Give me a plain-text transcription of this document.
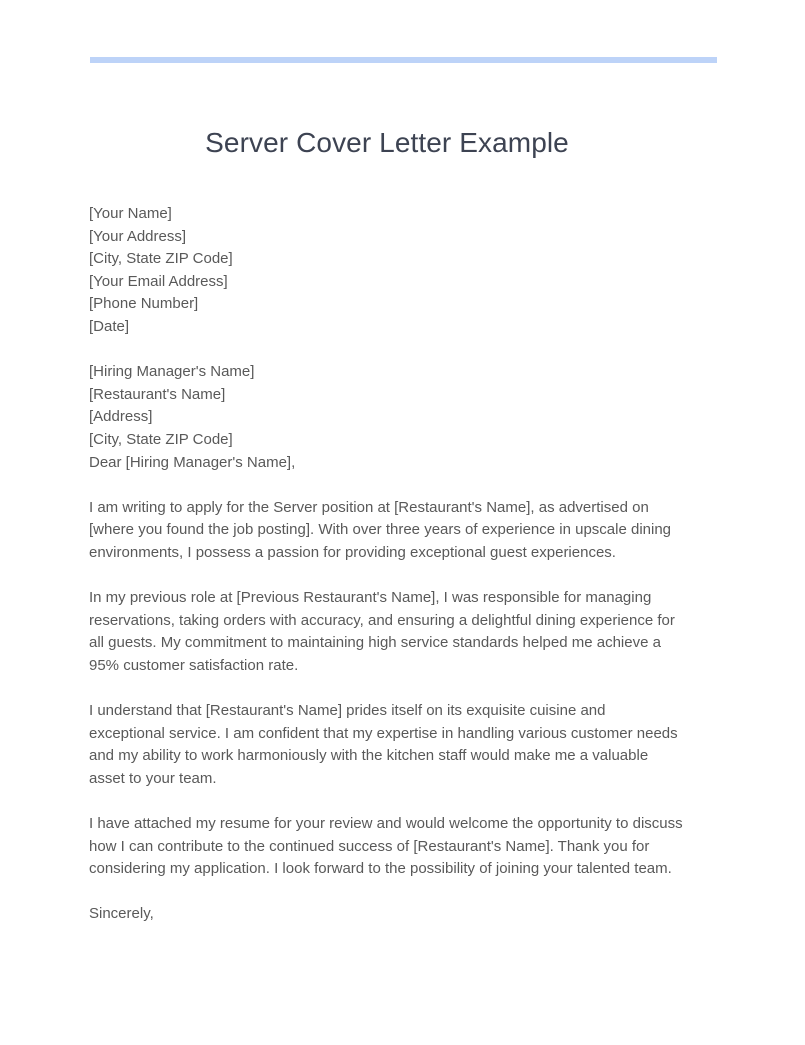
Server Cover Letter Example
[Your Name]
[Your Address]
[City, State ZIP Code]
[Your Email Address]
[Phone Number]
[Date]
[Hiring Manager's Name]
[Restaurant's Name]
[Address]
[City, State ZIP Code]
Dear [Hiring Manager's Name],

I am writing to apply for the Server position at [Restaurant's Name], as advertised on [where you found the job posting]. With over three years of experience in upscale dining environments, I possess a passion for providing exceptional guest experiences.

In my previous role at [Previous Restaurant's Name], I was responsible for managing reservations, taking orders with accuracy, and ensuring a delightful dining experience for all guests. My commitment to maintaining high service standards helped me achieve a 95% customer satisfaction rate.

I understand that [Restaurant's Name] prides itself on its exquisite cuisine and exceptional service. I am confident that my expertise in handling various customer needs and my ability to work harmoniously with the kitchen staff would make me a valuable asset to your team.

I have attached my resume for your review and would welcome the opportunity to discuss how I can contribute to the continued success of [Restaurant's Name]. Thank you for considering my application. I look forward to the possibility of joining your talented team.

Sincerely,
